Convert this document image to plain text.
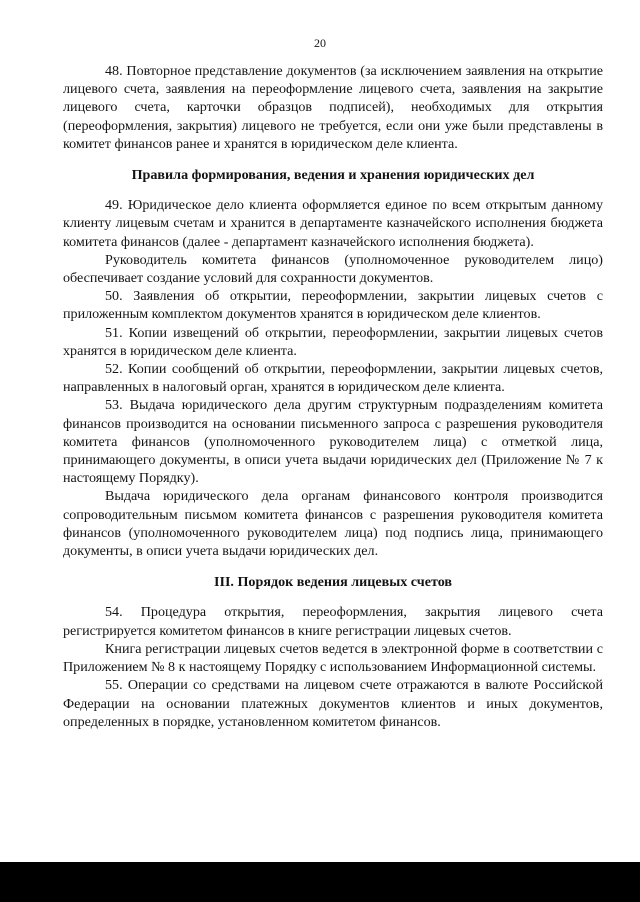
20

48. Повторное представление документов (за исключением заявления на открытие лицевого счета, заявления на переоформление лицевого счета, заявления на закрытие лицевого счета, карточки образцов подписей), необходимых для открытия (переоформления, закрытия) лицевого не требуется, если они уже были представлены в комитет финансов ранее и хранятся в юридическом деле клиента.

Правила формирования, ведения и хранения юридических дел

49. Юридическое дело клиента оформляется единое по всем открытым данному клиенту лицевым счетам и хранится в департаменте казначейского исполнения бюджета комитета финансов (далее - департамент казначейского исполнения бюджета).

Руководитель комитета финансов (уполномоченное руководителем лицо) обеспечивает создание условий для сохранности документов.

50. Заявления об открытии, переоформлении, закрытии лицевых счетов с приложенным комплектом документов хранятся в юридическом деле клиентов.

51. Копии извещений об открытии, переоформлении, закрытии лицевых счетов хранятся в юридическом деле клиента.

52. Копии сообщений об открытии, переоформлении, закрытии лицевых счетов, направленных в налоговый орган, хранятся в юридическом деле клиента.

53. Выдача юридического дела другим структурным подразделениям комитета финансов производится на основании письменного запроса с разрешения руководителя комитета финансов (уполномоченного руководителем лица) с отметкой лица, принимающего документы, в описи учета выдачи юридических дел (Приложение № 7 к настоящему Порядку).

Выдача юридического дела органам финансового контроля производится сопроводительным письмом комитета финансов с разрешения руководителя комитета финансов (уполномоченного руководителем лица) под подпись лица, принимающего документы, в описи учета выдачи юридических дел.

III. Порядок ведения лицевых счетов

54. Процедура открытия, переоформления, закрытия лицевого счета регистрируется комитетом финансов в книге регистрации лицевых счетов.

Книга регистрации лицевых счетов ведется в электронной форме в соответствии с Приложением № 8 к настоящему Порядку с использованием Информационной системы.

55. Операции со средствами на лицевом счете отражаются в валюте Российской Федерации на основании платежных документов клиентов и иных документов, определенных в порядке, установленном комитетом финансов.
